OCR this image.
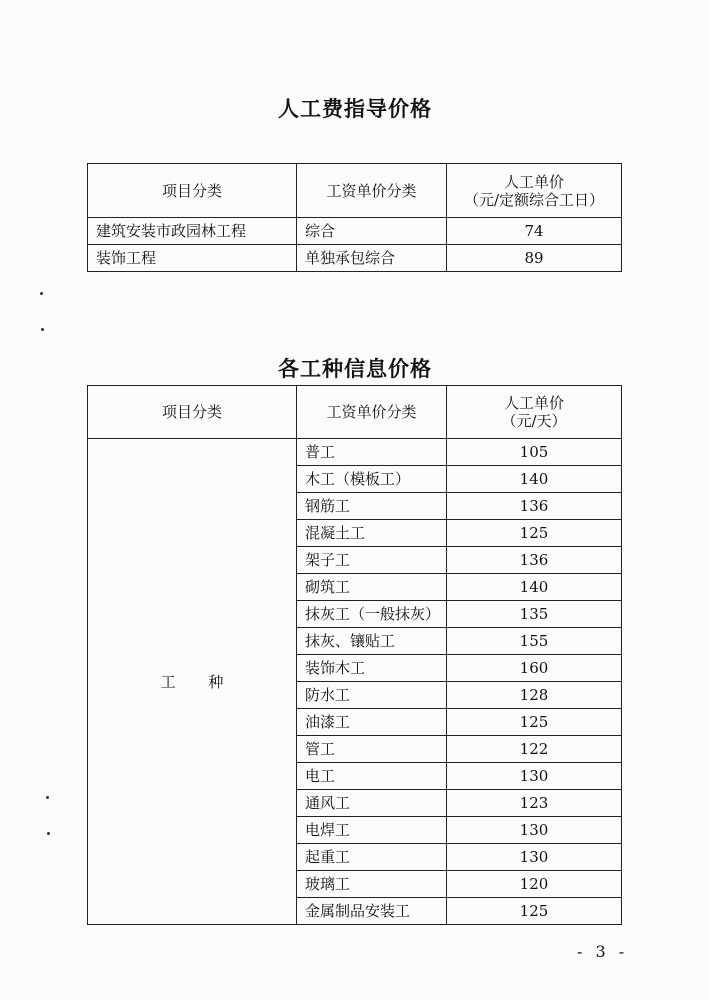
人工费指导价格
项目分类	工资单价分类	人工单价
（元/定额综合工日）

建筑安装市政园林工程	综合	74
装饰工程	单独承包综合	89
各工种信息价格
项目分类	工资单价分类	人工单价
（元/天）

工 种	普工	105
	木工（模板工）	140
	钢筋工	136
	混凝土工	125
	架子工	136
	砌筑工	140
	抹灰工（一般抹灰）	135
	抹灰、镶贴工	155
	装饰木工	160
	防水工	128
	油漆工	125
	管工	122
	电工	130
	通风工	123
	电焊工	130
	起重工	130
	玻璃工	120
	金属制品安装工	125
- 3 -
